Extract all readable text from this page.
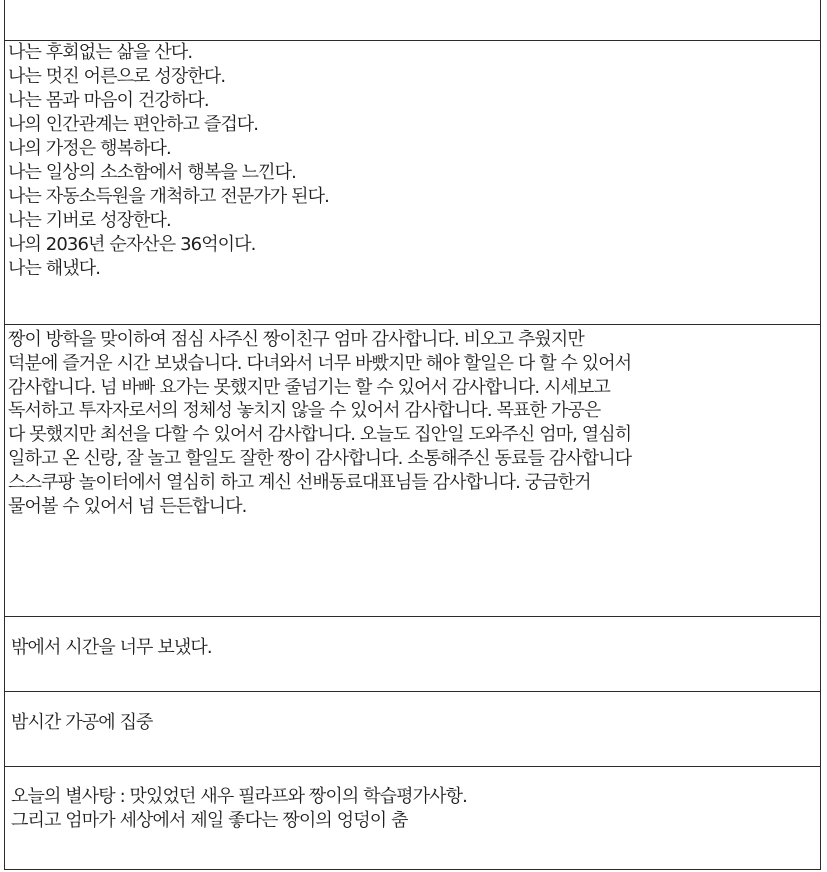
나는 후회없는 삶을 산다.
나는 멋진 어른으로 성장한다.
나는 몸과 마음이 건강하다.
나의 인간관계는 편안하고 즐겁다.
나의 가정은 행복하다.
나는 일상의 소소함에서 행복을 느낀다.
나는 자동소득원을 개척하고 전문가가 된다.
나는 기버로 성장한다.
나의 2036년 순자산은 36억이다.
나는 해냈다.
짱이 방학을 맞이하여 점심 사주신 짱이친구 엄마 감사합니다. 비오고 추웠지만
덕분에 즐거운 시간 보냈습니다. 다녀와서 너무 바빴지만 해야 할일은 다 할 수 있어서
감사합니다. 넘 바빠 요가는 못했지만 줄넘기는 할 수 있어서 감사합니다. 시세보고
독서하고 투자자로서의 정체성 놓치지 않을 수 있어서 감사합니다. 목표한 가공은
다 못했지만 최선을 다할 수 있어서 감사합니다. 오늘도 집안일 도와주신 엄마, 열심히
일하고 온 신랑, 잘 놀고 할일도 잘한 짱이 감사합니다. 소통해주신 동료들 감사합니다
스스쿠팡 놀이터에서 열심히 하고 계신 선배동료대표님들 감사합니다. 궁금한거
물어볼 수 있어서 넘 든든합니다.
밖에서 시간을 너무 보냈다.
밤시간 가공에 집중
오늘의 별사탕 : 맛있었던 새우 필라프와 짱이의 학습평가사항.
그리고 엄마가 세상에서 제일 좋다는 짱이의 엉덩이 춤
